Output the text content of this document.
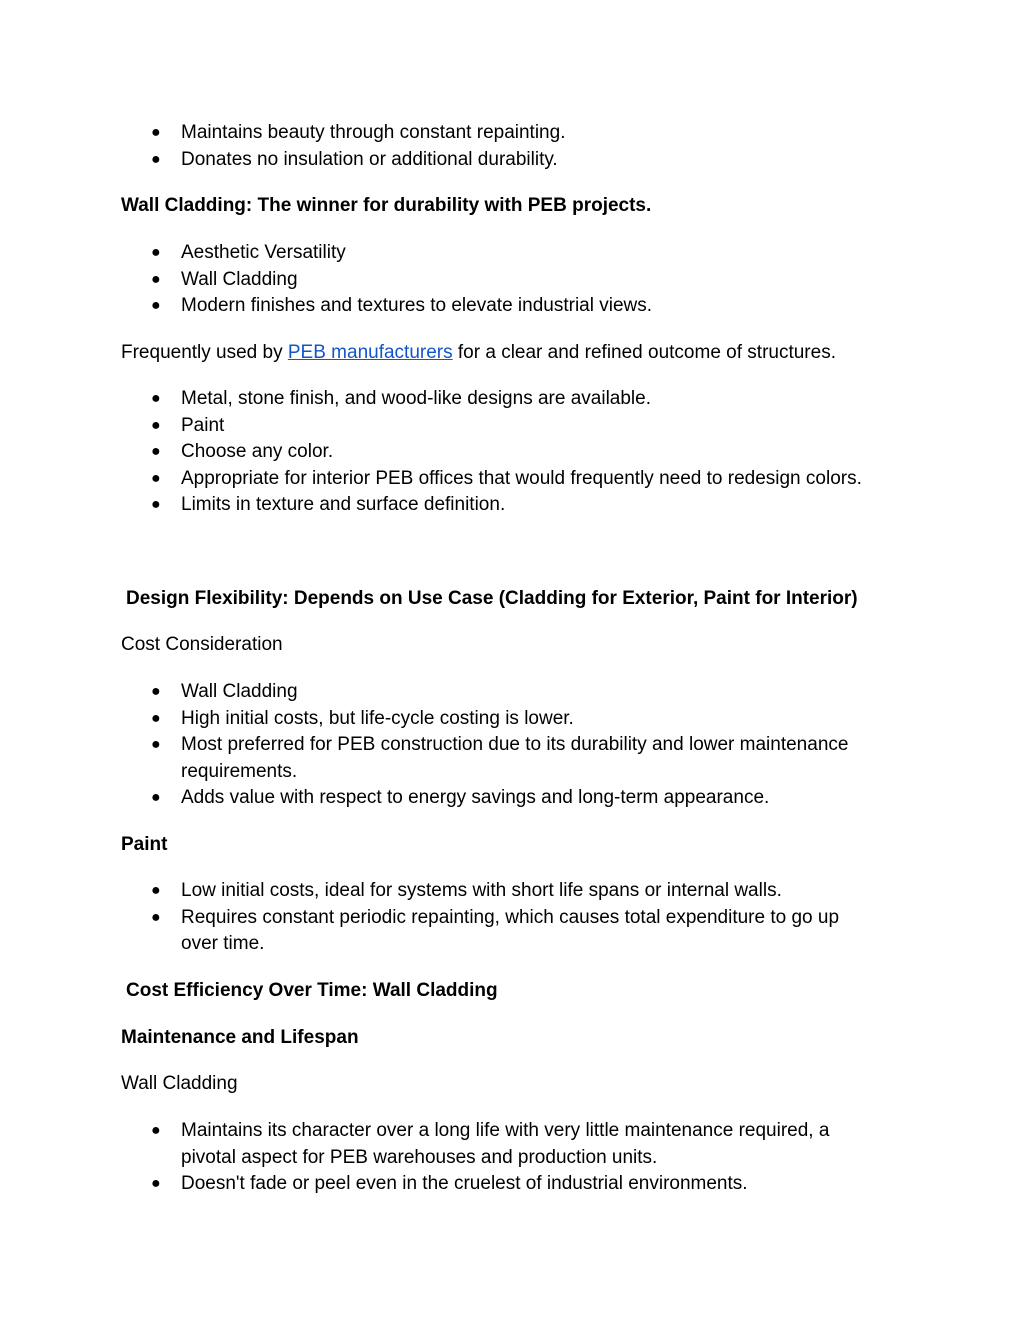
● Maintains beauty through constant repainting.
● Donates no insulation or additional durability.

Wall Cladding: The winner for durability with PEB projects.

● Aesthetic Versatility
● Wall Cladding
● Modern finishes and textures to elevate industrial views.

Frequently used by PEB manufacturers for a clear and refined outcome of structures.

● Metal, stone finish, and wood-like designs are available.
● Paint
● Choose any color.
● Appropriate for interior PEB offices that would frequently need to redesign colors.
● Limits in texture and surface definition.

Design Flexibility: Depends on Use Case (Cladding for Exterior, Paint for Interior)

Cost Consideration

● Wall Cladding
● High initial costs, but life-cycle costing is lower.
● Most preferred for PEB construction due to its durability and lower maintenance
requirements.
● Adds value with respect to energy savings and long-term appearance.

Paint

● Low initial costs, ideal for systems with short life spans or internal walls.
● Requires constant periodic repainting, which causes total expenditure to go up
over time.

Cost Efficiency Over Time: Wall Cladding

Maintenance and Lifespan

Wall Cladding

● Maintains its character over a long life with very little maintenance required, a
pivotal aspect for PEB warehouses and production units.
● Doesn't fade or peel even in the cruelest of industrial environments.
